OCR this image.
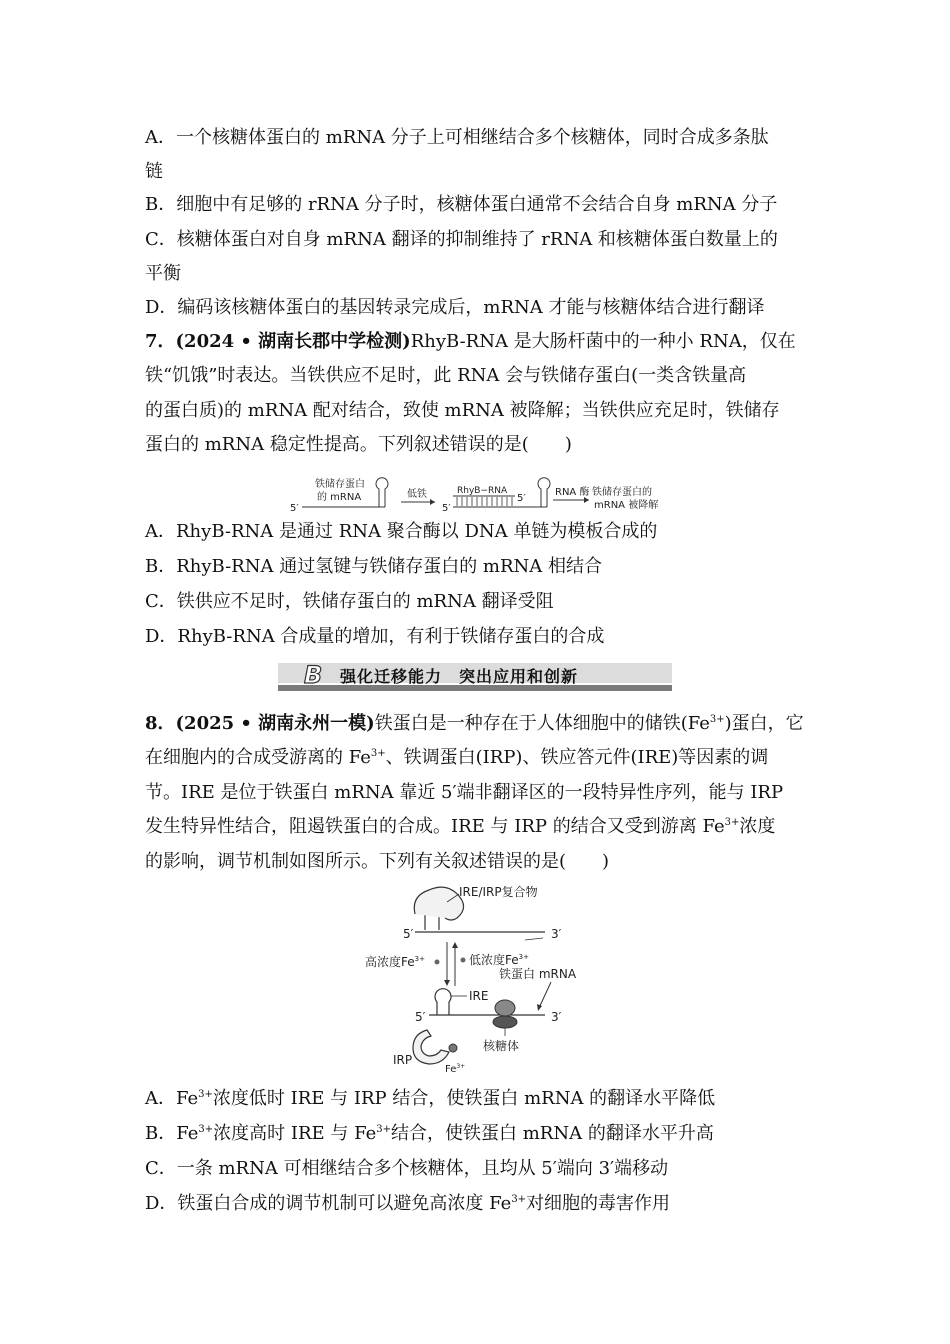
A．一个核糖体蛋白的 mRNA 分子上可相继结合多个核糖体，同时合成多条肽
链
B．细胞中有足够的 rRNA 分子时，核糖体蛋白通常不会结合自身 mRNA 分子
C．核糖体蛋白对自身 mRNA 翻译的抑制维持了 rRNA 和核糖体蛋白数量上的
平衡
D．编码该核糖体蛋白的基因转录完成后，mRNA 才能与核糖体结合进行翻译
7．(2024 • 湖南长郡中学检测)RhyB-RNA 是大肠杆菌中的一种小 RNA，仅在
铁“饥饿”时表达。当铁供应不足时，此 RNA 会与铁储存蛋白(一类含铁量高
的蛋白质)的 mRNA 配对结合，致使 mRNA 被降解；当铁供应充足时，铁储存
蛋白的 mRNA 稳定性提高。下列叙述错误的是(　　)
铁储存蛋白
的 mRNA
5′
低铁
5′
RhyB−RNA
5′
RNA 酶 铁储存蛋白的
mRNA 被降解
A．RhyB-RNA 是通过 RNA 聚合酶以 DNA 单链为模板合成的
B．RhyB-RNA 通过氢键与铁储存蛋白的 mRNA 相结合
C．铁供应不足时，铁储存蛋白的 mRNA 翻译受阻
D．RhyB-RNA 合成量的增加，有利于铁储存蛋白的合成
B 强化迁移能力　突出应用和创新
8．(2025 • 湖南永州一模)铁蛋白是一种存在于人体细胞中的储铁$(Fe^{3+})$蛋白，它
在细胞内的合成受游离的 $Fe^{3+}$、铁调蛋白(IRP)、铁应答元件(IRE)等因素的调
节。IRE 是位于铁蛋白 mRNA 靠近 5′端非翻译区的一段特异性序列，能与 IRP
发生特异性结合，阻遏铁蛋白的合成。IRE 与 IRP 的结合又受到游离 $Fe^{3+}$浓度
的影响，调节机制如图所示。下列有关叙述错误的是(　　)
IRE/IRP复合物
5′	3′
高浓度$Fe^{3+}$	低浓度$Fe^{3+}$
铁蛋白 mRNA
IRE
5′	3′
核糖体
IRP
$Fe^{3+}$
A．$Fe^{3+}$浓度低时 IRE 与 IRP 结合，使铁蛋白 mRNA 的翻译水平降低
B．$Fe^{3+}$浓度高时 IRE 与 $Fe^{3+}$结合，使铁蛋白 mRNA 的翻译水平升高
C．一条 mRNA 可相继结合多个核糖体，且均从 5′端向 3′端移动
D．铁蛋白合成的调节机制可以避免高浓度 $Fe^{3+}$对细胞的毒害作用
